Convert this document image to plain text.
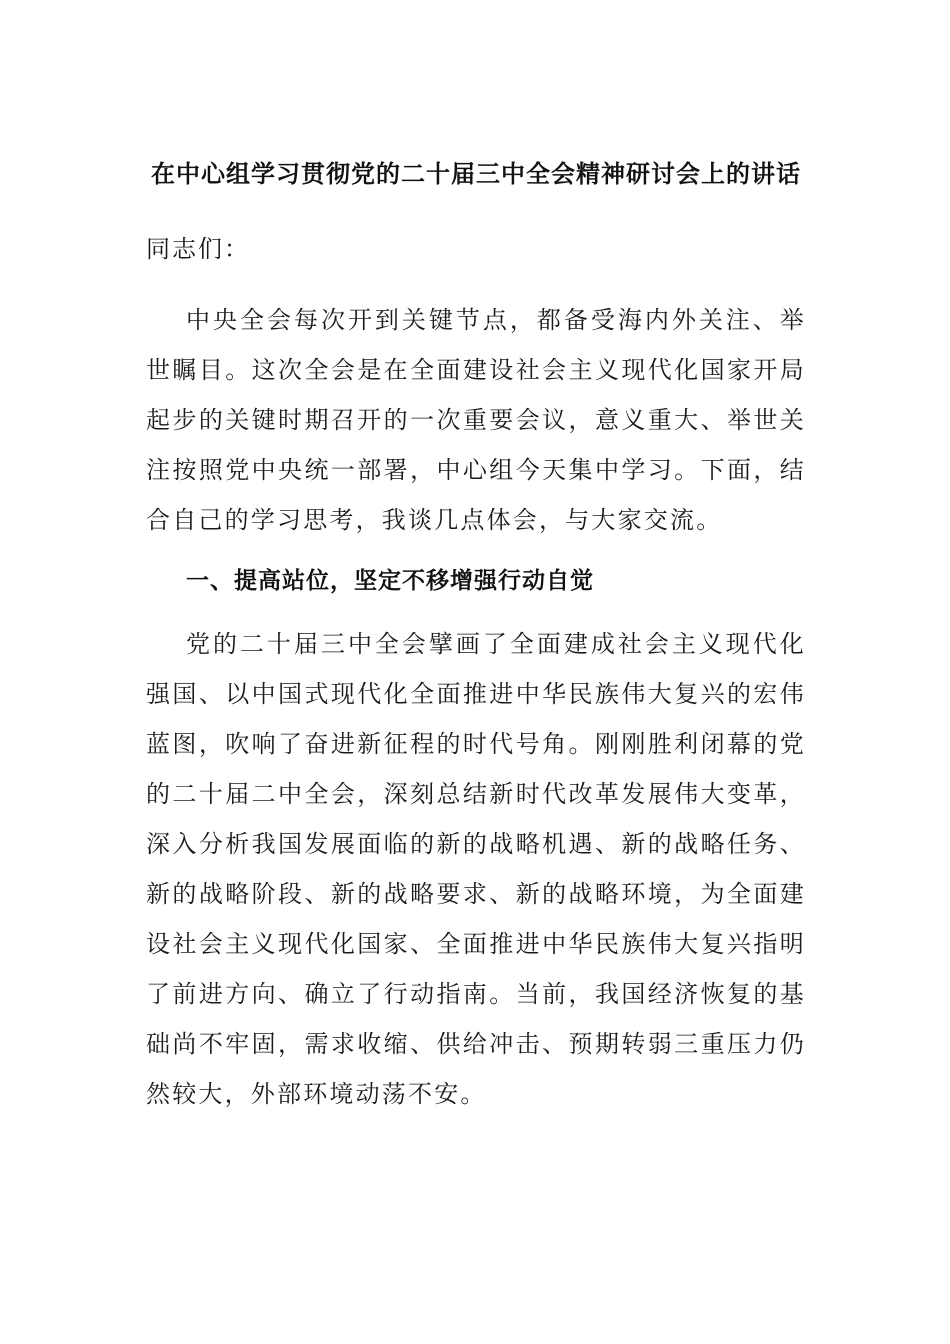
在中心组学习贯彻党的二十届三中全会精神研讨会上的讲话

同志们：

中央全会每次开到关键节点，都备受海内外关注、举世瞩目。这次全会是在全面建设社会主义现代化国家开局起步的关键时期召开的一次重要会议，意义重大、举世关注按照党中央统一部署，中心组今天集中学习。下面，结合自己的学习思考，我谈几点体会，与大家交流。

一、提高站位，坚定不移增强行动自觉

党的二十届三中全会擘画了全面建成社会主义现代化强国、以中国式现代化全面推进中华民族伟大复兴的宏伟蓝图，吹响了奋进新征程的时代号角。刚刚胜利闭幕的党的二十届二中全会，深刻总结新时代改革发展伟大变革，深入分析我国发展面临的新的战略机遇、新的战略任务、新的战略阶段、新的战略要求、新的战略环境，为全面建设社会主义现代化国家、全面推进中华民族伟大复兴指明了前进方向、确立了行动指南。当前，我国经济恢复的基础尚不牢固，需求收缩、供给冲击、预期转弱三重压力仍然较大，外部环境动荡不安。
